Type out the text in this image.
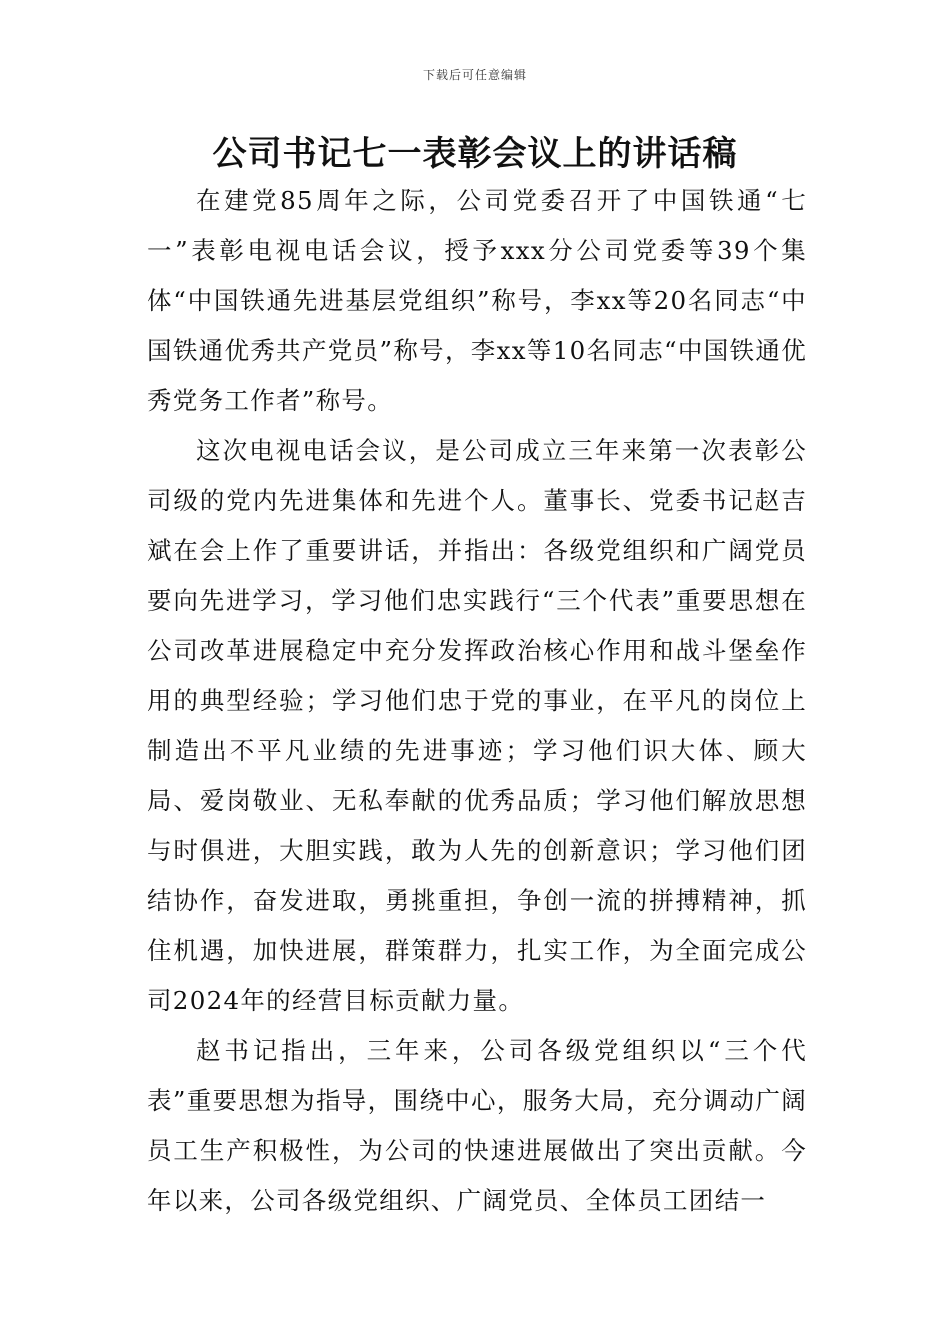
下载后可任意编辑
公司书记七一表彰会议上的讲话稿

在建党85周年之际，公司党委召开了中国铁通“七一”表彰电视电话会议，授予xxx分公司党委等39个集体“中国铁通先进基层党组织”称号，李xx等20名同志“中国铁通优秀共产党员”称号，李xx等10名同志“中国铁通优秀党务工作者”称号。

这次电视电话会议，是公司成立三年来第一次表彰公司级的党内先进集体和先进个人。董事长、党委书记赵吉斌在会上作了重要讲话，并指出：各级党组织和广阔党员要向先进学习，学习他们忠实践行“三个代表”重要思想在公司改革进展稳定中充分发挥政治核心作用和战斗堡垒作用的典型经验；学习他们忠于党的事业，在平凡的岗位上制造出不平凡业绩的先进事迹；学习他们识大体、顾大局、爱岗敬业、无私奉献的优秀品质；学习他们解放思想与时俱进，大胆实践，敢为人先的创新意识；学习他们团结协作，奋发进取，勇挑重担，争创一流的拼搏精神，抓住机遇，加快进展，群策群力，扎实工作，为全面完成公司2024年的经营目标贡献力量。

赵书记指出，三年来，公司各级党组织以“三个代表”重要思想为指导，围绕中心，服务大局，充分调动广阔员工生产积极性，为公司的快速进展做出了突出贡献。今年以来，公司各级党组织、广阔党员、全体员工团结一
